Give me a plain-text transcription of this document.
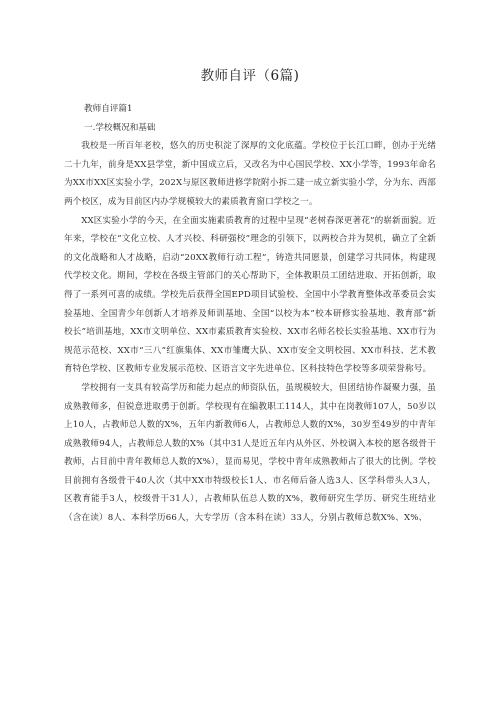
教师自评（6篇)

教师自评篇1

一.学校概况和基础

我校是一所百年老校，悠久的历史积淀了深厚的文化底蕴。学校位于长江口畔，创办于光绪二十九年，前身是XX县学堂，新中国成立后，又改名为中心国民学校、XX小学等，1993年命名为XX市XX区实验小学，202X与原区教师进修学院附小拆二建一成立新实验小学，分为东、西部两个校区，成为目前区内办学规模较大的素质教育窗口学校之一。

XX区实验小学的今天，在全面实施素质教育的过程中呈现“老树春深更著花”的崭新面貌。近年来，学校在“文化立校、人才兴校、科研强校”理念的引领下，以两校合并为契机，确立了全新的文化战略和人才战略，启动“20XX教师行动工程”，铸造共同愿景，创建学习共同体，构建现代学校文化。期间，学校在各级主管部门的关心帮助下，全体教职员工团结进取、开拓创新，取得了一系列可喜的成绩。学校先后获得全国EPD项目试验校、全国中小学教育整体改革委员会实验基地、全国青少年创新人才培养及师训基地、全国“以校为本”校本研修实验基地、教育部“新校长”培训基地，XX市文明单位、XX市素质教育实验校、XX市名师名校长实验基地、XX市行为规范示范校、XX市“三八”红旗集体、XX市雏鹰大队、XX市安全文明校园、XX市科技、艺术教育特色学校、区教师专业发展示范校、区语言文字先进单位、区科技特色学校等多项荣誉称号。

学校拥有一支具有较高学历和能力起点的师资队伍，虽规模较大，但团结协作凝聚力强，虽成熟教师多，但锐意进取勇于创新。学校现有在编教职工114人，其中在岗教师107人，50岁以上10人，占教师总人数的X%，五年内新教师6人，占教师总人数的X%，30岁至49岁的中青年成熟教师94人，占教师总人数的X%（其中31人是近五年内从外区、外校调入本校的愿各级骨干教师，占目前中青年教师总人数的X%），显而易见，学校中青年成熟教师占了很大的比例。学校目前拥有各级骨干40人次（其中XX市特级校长1人、市名师后备人选3人、区学科带头人3人，区教育能手3人，校级骨干31人），占教师队伍总人数的X%，教师研究生学历、研究生班结业（含在读）8人、本科学历66人，大专学历（含本科在读）33人，分别占教师总数X%、X%、
